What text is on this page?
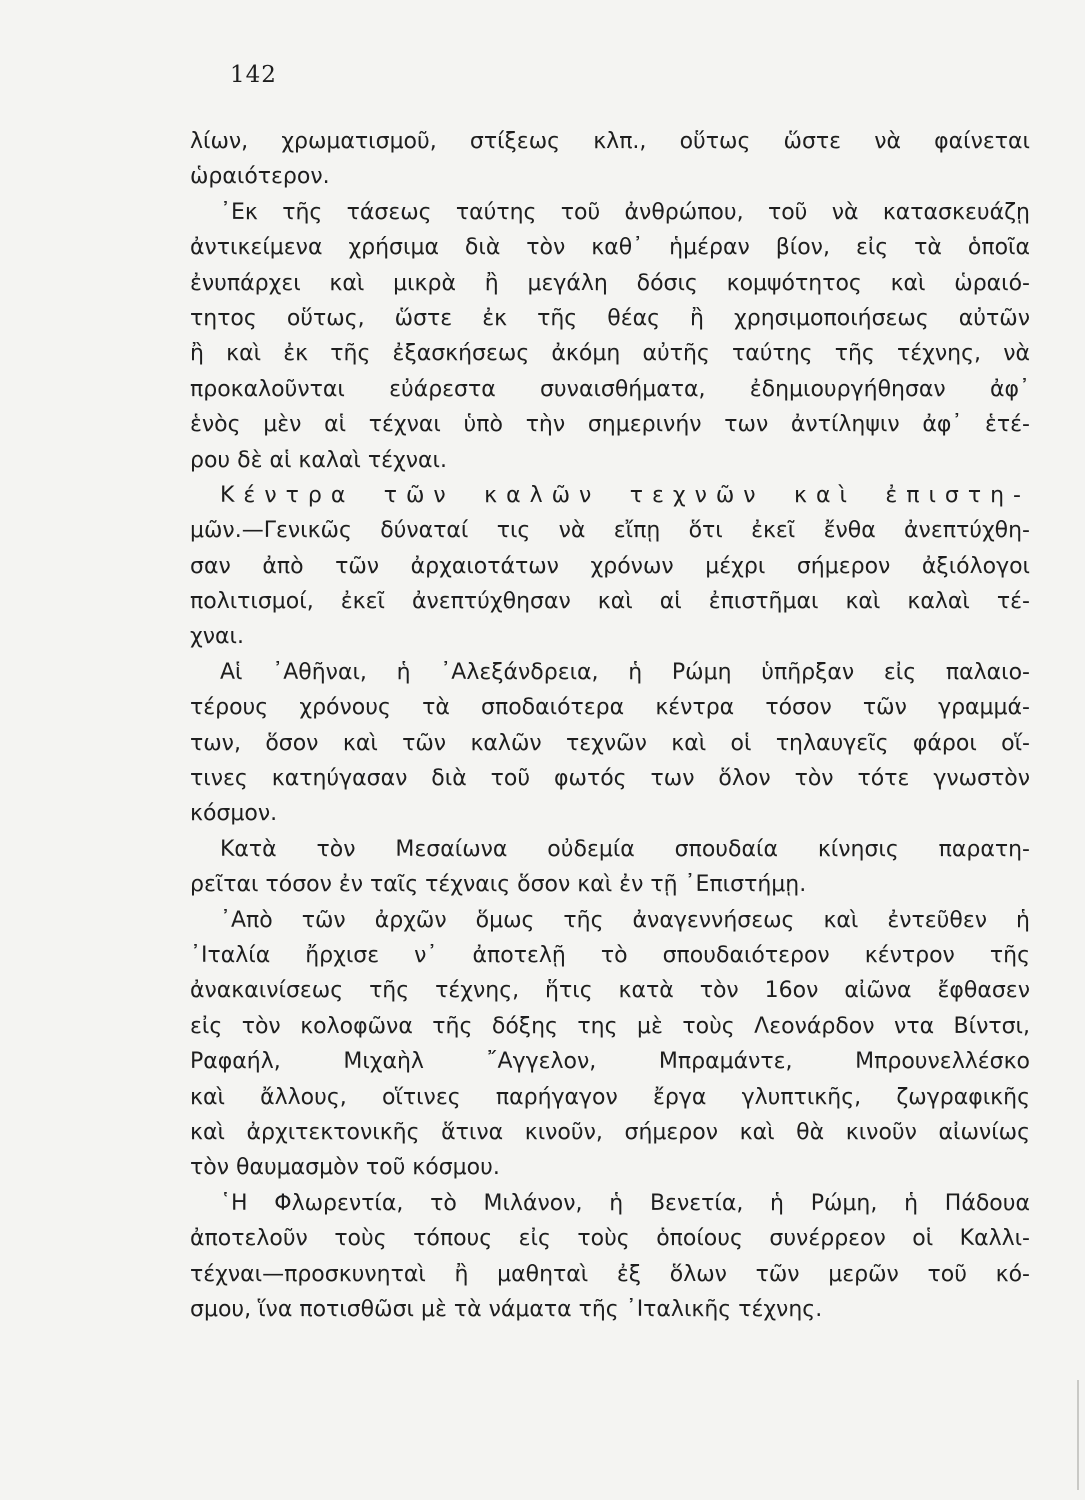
142
λίων, χρωματισμοῦ, στίξεως κλπ., οὕτως ὥστε νὰ φαίνεται
ὡραιότερον.
᾿Εκ τῆς τάσεως ταύτης τοῦ ἀνθρώπου, τοῦ νὰ κατασκευάζῃ
ἀντικείμενα χρήσιμα διὰ τὸν καθ᾿ ἡμέραν βίον, εἰς τὰ ὁποῖα
ἐνυπάρχει καὶ μικρὰ ἢ μεγάλη δόσις κομψότητος καὶ ὡραιό-
τητος οὕτως, ὥστε ἐκ τῆς θέας ἢ χρησιμοποιήσεως αὐτῶν
ἢ καὶ ἐκ τῆς ἐξασκήσεως ἀκόμη αὐτῆς ταύτης τῆς τέχνης, νὰ
προκαλοῦνται εὐάρεστα συναισθήματα, ἐδημιουργήθησαν ἀφ᾿
ἑνὸς μὲν αἱ τέχναι ὑπὸ τὴν σημερινήν των ἀντίληψιν ἀφ᾿ ἑτέ-
ρου δὲ αἱ καλαὶ τέχναι.
Κέντρα τῶν καλῶν τεχνῶν καὶ ἐπιστη-
μῶν.—Γενικῶς δύναταί τις νὰ εἴπῃ ὅτι ἐκεῖ ἔνθα ἀνεπτύχθη-
σαν ἀπὸ τῶν ἀρχαιοτάτων χρόνων μέχρι σήμερον ἀξιόλογοι
πολιτισμοί, ἐκεῖ ἀνεπτύχθησαν καὶ αἱ ἐπιστῆμαι καὶ καλαὶ τέ-
χναι.
Αἱ ᾿Αθῆναι, ἡ ᾿Αλεξάνδρεια, ἡ Ρώμη ὑπῆρξαν εἰς παλαιο-
τέρους χρόνους τὰ σποδαιότερα κέντρα τόσον τῶν γραμμά-
των, ὅσον καὶ τῶν καλῶν τεχνῶν καὶ οἱ τηλαυγεῖς φάροι οἵ-
τινες κατηύγασαν διὰ τοῦ φωτός των ὅλον τὸν τότε γνωστὸν
κόσμον.
Κατὰ τὸν Μεσαίωνα οὐδεμία σπουδαία κίνησις παρατη-
ρεῖται τόσον ἐν ταῖς τέχναις ὅσον καὶ ἐν τῇ ᾿Επιστήμῃ.
᾿Απὸ τῶν ἀρχῶν ὅμως τῆς ἀναγεννήσεως καὶ ἐντεῦθεν ἡ
᾿Ιταλία ἤρχισε ν᾿ ἀποτελῇ τὸ σπουδαιότερον κέντρον τῆς
ἀνακαινίσεως τῆς τέχνης, ἥτις κατὰ τὸν 16ον αἰῶνα ἔφθασεν
εἰς τὸν κολοφῶνα τῆς δόξης της μὲ τοὺς Λεονάρδον ντα Βίντσι,
Ραφαήλ, Μιχαὴλ ῎Αγγελον, Μπραμάντε, Μπρουνελλέσκο
καὶ ἄλλους, οἵτινες παρήγαγον ἔργα γλυπτικῆς, ζωγραφικῆς
καὶ ἀρχιτεκτονικῆς ἅτινα κινοῦν, σήμερον καὶ θὰ κινοῦν αἰωνίως
τὸν θαυμασμὸν τοῦ κόσμου.
῾Η Φλωρεντία, τὸ Μιλάνον, ἡ Βενετία, ἡ Ρώμη, ἡ Πάδουα
ἀποτελοῦν τοὺς τόπους εἰς τοὺς ὁποίους συνέρρεον οἱ Καλλι-
τέχναι—προσκυνηταὶ ἢ μαθηταὶ ἐξ ὅλων τῶν μερῶν τοῦ κό-
σμου, ἵνα ποτισθῶσι μὲ τὰ νάματα τῆς ᾿Ιταλικῆς τέχνης.
